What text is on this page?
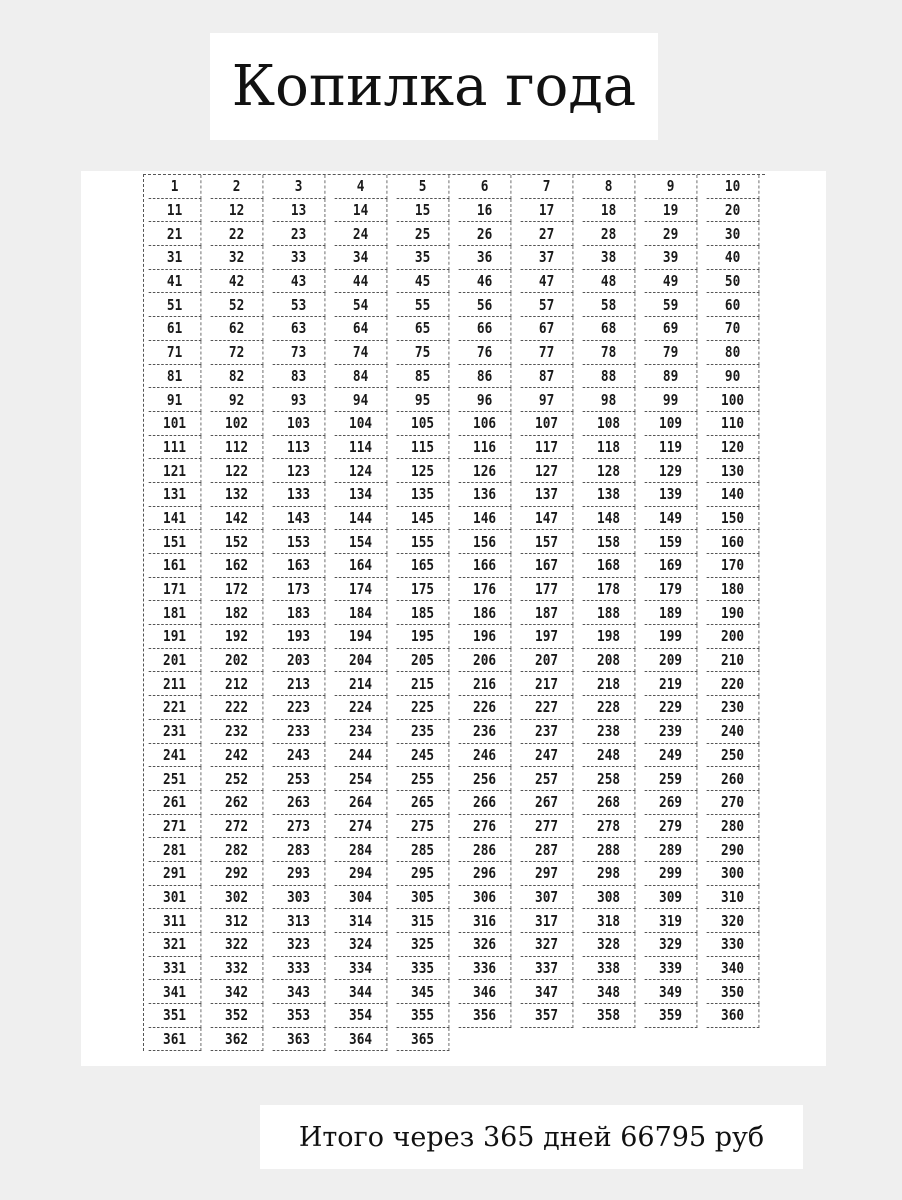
Копилка года
1	2	3	4	5	6	7	8	9	10
11	12	13	14	15	16	17	18	19	20
21	22	23	24	25	26	27	28	29	30
31	32	33	34	35	36	37	38	39	40
41	42	43	44	45	46	47	48	49	50
51	52	53	54	55	56	57	58	59	60
61	62	63	64	65	66	67	68	69	70
71	72	73	74	75	76	77	78	79	80
81	82	83	84	85	86	87	88	89	90
91	92	93	94	95	96	97	98	99	100
101	102	103	104	105	106	107	108	109	110
111	112	113	114	115	116	117	118	119	120
121	122	123	124	125	126	127	128	129	130
131	132	133	134	135	136	137	138	139	140
141	142	143	144	145	146	147	148	149	150
151	152	153	154	155	156	157	158	159	160
161	162	163	164	165	166	167	168	169	170
171	172	173	174	175	176	177	178	179	180
181	182	183	184	185	186	187	188	189	190
191	192	193	194	195	196	197	198	199	200
201	202	203	204	205	206	207	208	209	210
211	212	213	214	215	216	217	218	219	220
221	222	223	224	225	226	227	228	229	230
231	232	233	234	235	236	237	238	239	240
241	242	243	244	245	246	247	248	249	250
251	252	253	254	255	256	257	258	259	260
261	262	263	264	265	266	267	268	269	270
271	272	273	274	275	276	277	278	279	280
281	282	283	284	285	286	287	288	289	290
291	292	293	294	295	296	297	298	299	300
301	302	303	304	305	306	307	308	309	310
311	312	313	314	315	316	317	318	319	320
321	322	323	324	325	326	327	328	329	330
331	332	333	334	335	336	337	338	339	340
341	342	343	344	345	346	347	348	349	350
351	352	353	354	355	356	357	358	359	360
361	362	363	364	365
Итого через 365 дней 66795 руб
